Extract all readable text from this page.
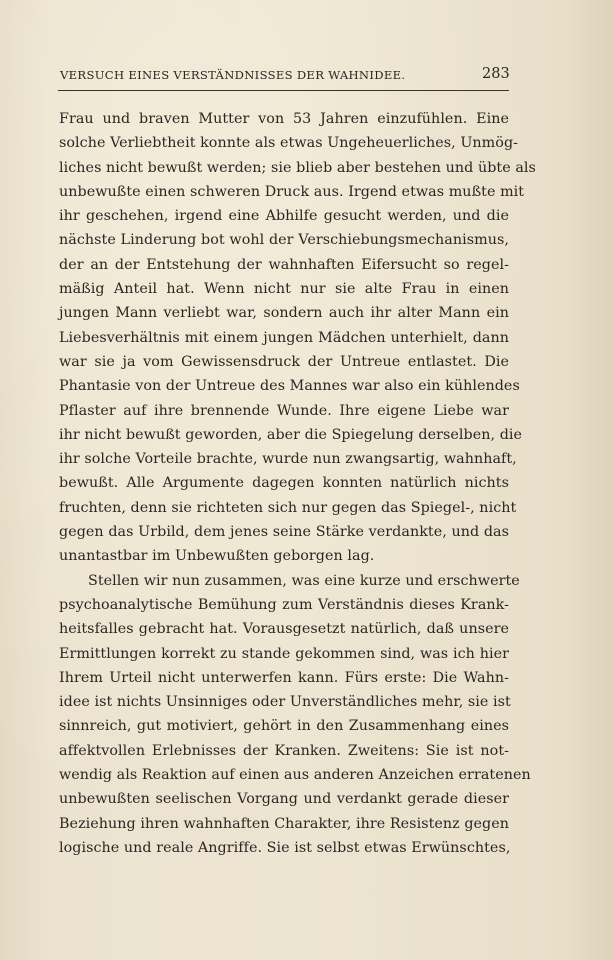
VERSUCH EINES VERSTÄNDNISSES DER WAHNIDEE.	283
Frau und braven Mutter von 53 Jahren einzufühlen. Eine
solche Verliebtheit konnte als etwas Ungeheuerliches, Unmög-
liches nicht bewußt werden; sie blieb aber bestehen und übte als
unbewußte einen schweren Druck aus. Irgend etwas mußte mit
ihr geschehen, irgend eine Abhilfe gesucht werden, und die
nächste Linderung bot wohl der Verschiebungsmechanismus,
der an der Entstehung der wahnhaften Eifersucht so regel-
mäßig Anteil hat. Wenn nicht nur sie alte Frau in einen
jungen Mann verliebt war, sondern auch ihr alter Mann ein
Liebesverhältnis mit einem jungen Mädchen unterhielt, dann
war sie ja vom Gewissensdruck der Untreue entlastet. Die
Phantasie von der Untreue des Mannes war also ein kühlendes
Pflaster auf ihre brennende Wunde. Ihre eigene Liebe war
ihr nicht bewußt geworden, aber die Spiegelung derselben, die
ihr solche Vorteile brachte, wurde nun zwangsartig, wahnhaft,
bewußt. Alle Argumente dagegen konnten natürlich nichts
fruchten, denn sie richteten sich nur gegen das Spiegel-, nicht
gegen das Urbild, dem jenes seine Stärke verdankte, und das
unantastbar im Unbewußten geborgen lag.
Stellen wir nun zusammen, was eine kurze und erschwerte
psychoanalytische Bemühung zum Verständnis dieses Krank-
heitsfalles gebracht hat. Vorausgesetzt natürlich, daß unsere
Ermittlungen korrekt zu stande gekommen sind, was ich hier
Ihrem Urteil nicht unterwerfen kann. Fürs erste: Die Wahn-
idee ist nichts Unsinniges oder Unverständliches mehr, sie ist
sinnreich, gut motiviert, gehört in den Zusammenhang eines
affektvollen Erlebnisses der Kranken. Zweitens: Sie ist not-
wendig als Reaktion auf einen aus anderen Anzeichen erratenen
unbewußten seelischen Vorgang und verdankt gerade dieser
Beziehung ihren wahnhaften Charakter, ihre Resistenz gegen
logische und reale Angriffe. Sie ist selbst etwas Erwünschtes,
